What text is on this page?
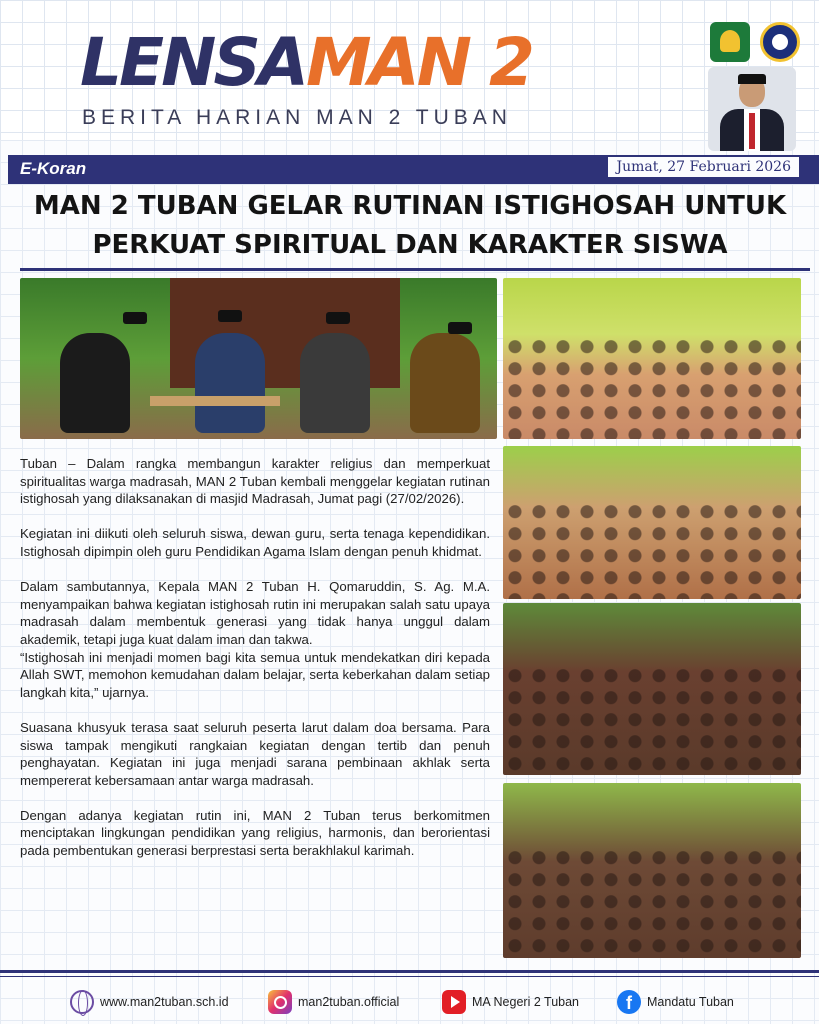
LENSAMAN 2
BERITA HARIAN MAN 2 TUBAN
E-Koran	Jumat, 27 Februari 2026
MAN 2 TUBAN GELAR RUTINAN ISTIGHOSAH UNTUK
PERKUAT SPIRITUAL DAN KARAKTER SISWA

Tuban – Dalam rangka membangun karakter religius dan memperkuat spiritualitas warga madrasah, MAN 2 Tuban kembali menggelar kegiatan rutinan istighosah yang dilaksanakan di masjid Madrasah, Jumat pagi (27/02/2026).

Kegiatan ini diikuti oleh seluruh siswa, dewan guru, serta tenaga kependidikan. Istighosah dipimpin oleh guru Pendidikan Agama Islam dengan penuh khidmat.

Dalam sambutannya, Kepala MAN 2 Tuban H. Qomaruddin, S. Ag. M.A. menyampaikan bahwa kegiatan istighosah rutin ini merupakan salah satu upaya madrasah dalam membentuk generasi yang tidak hanya unggul dalam akademik, tetapi juga kuat dalam iman dan takwa.

“Istighosah ini menjadi momen bagi kita semua untuk mendekatkan diri kepada Allah SWT, memohon kemudahan dalam belajar, serta keberkahan dalam setiap langkah kita,” ujarnya.

Suasana khusyuk terasa saat seluruh peserta larut dalam doa bersama. Para siswa tampak mengikuti rangkaian kegiatan dengan tertib dan penuh penghayatan. Kegiatan ini juga menjadi sarana pembinaan akhlak serta mempererat kebersamaan antar warga madrasah.

Dengan adanya kegiatan rutin ini, MAN 2 Tuban terus berkomitmen menciptakan lingkungan pendidikan yang religius, harmonis, dan berorientasi pada pembentukan generasi berprestasi serta berakhlakul karimah.

www.man2tuban.sch.id	man2tuban.official	MA Negeri 2 Tuban	f	Mandatu Tuban
